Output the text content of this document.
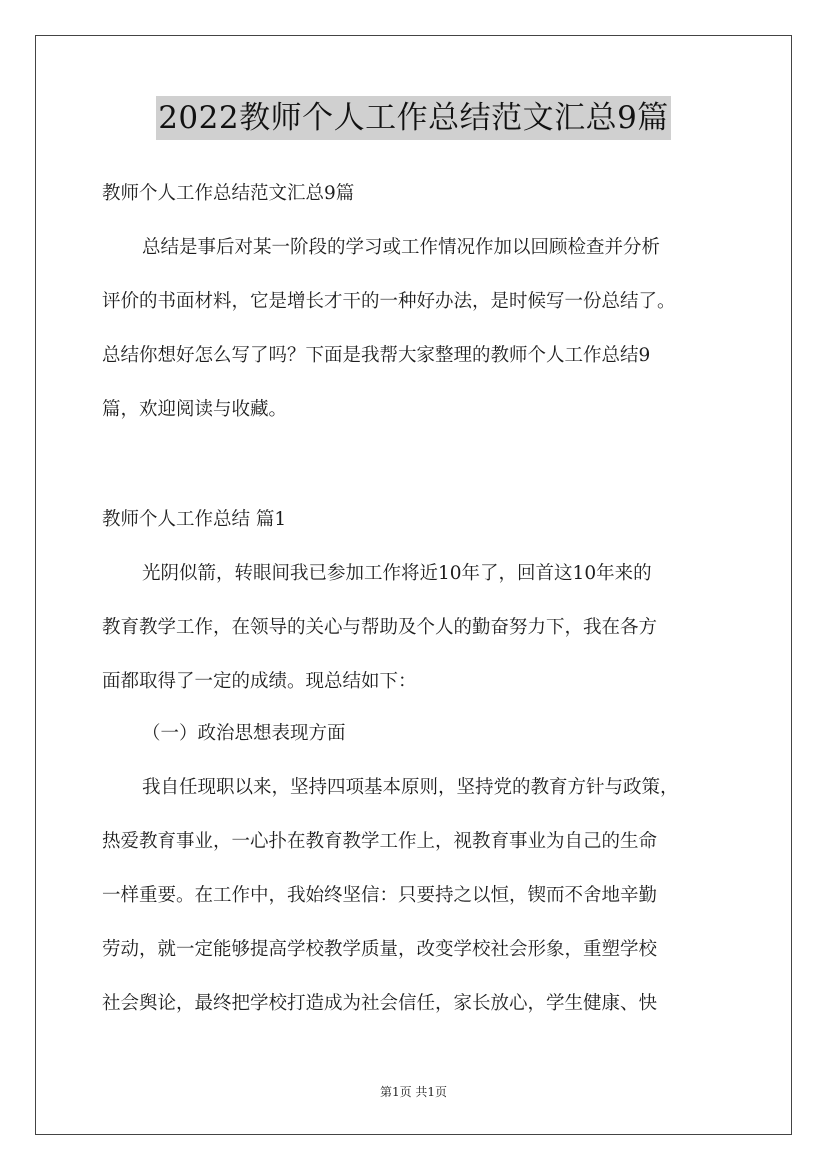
2022教师个人工作总结范文汇总9篇
教师个人工作总结范文汇总9篇
总结是事后对某一阶段的学习或工作情况作加以回顾检查并分析
评价的书面材料，它是增长才干的一种好办法，是时候写一份总结了。
总结你想好怎么写了吗？下面是我帮大家整理的教师个人工作总结9
篇，欢迎阅读与收藏。
教师个人工作总结 篇1
光阴似箭，转眼间我已参加工作将近10年了，回首这10年来的
教育教学工作，在领导的关心与帮助及个人的勤奋努力下，我在各方
面都取得了一定的成绩。现总结如下：
（一）政治思想表现方面
我自任现职以来，坚持四项基本原则，坚持党的教育方针与政策，
热爱教育事业，一心扑在教育教学工作上，视教育事业为自己的生命
一样重要。在工作中，我始终坚信：只要持之以恒，锲而不舍地辛勤
劳动，就一定能够提高学校教学质量，改变学校社会形象，重塑学校
社会舆论，最终把学校打造成为社会信任，家长放心，学生健康、快
第1页 共1页
